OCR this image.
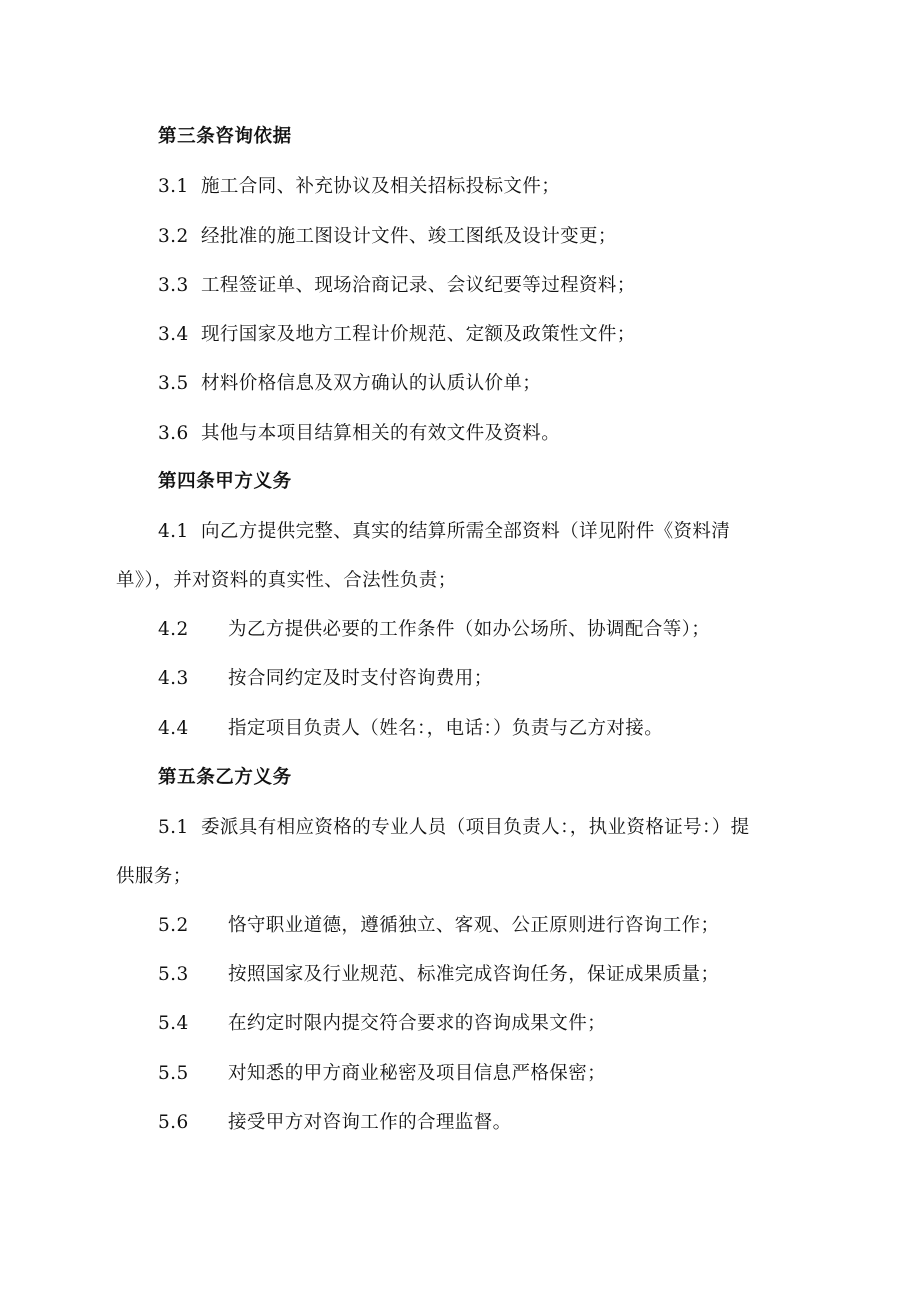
第三条咨询依据
3.1 施工合同、补充协议及相关招标投标文件；
3.2 经批准的施工图设计文件、竣工图纸及设计变更；
3.3 工程签证单、现场洽商记录、会议纪要等过程资料；
3.4 现行国家及地方工程计价规范、定额及政策性文件；
3.5 材料价格信息及双方确认的认质认价单；
3.6 其他与本项目结算相关的有效文件及资料。
第四条甲方义务
4.1 向乙方提供完整、真实的结算所需全部资料（详见附件《资料清
单》），并对资料的真实性、合法性负责；
4.2 为乙方提供必要的工作条件（如办公场所、协调配合等）；
4.3 按合同约定及时支付咨询费用；
4.4 指定项目负责人（姓名：，电话：）负责与乙方对接。
第五条乙方义务
5.1 委派具有相应资格的专业人员（项目负责人：，执业资格证号：）提
供服务；
5.2 恪守职业道德，遵循独立、客观、公正原则进行咨询工作；
5.3 按照国家及行业规范、标准完成咨询任务，保证成果质量；
5.4 在约定时限内提交符合要求的咨询成果文件；
5.5 对知悉的甲方商业秘密及项目信息严格保密；
5.6 接受甲方对咨询工作的合理监督。
